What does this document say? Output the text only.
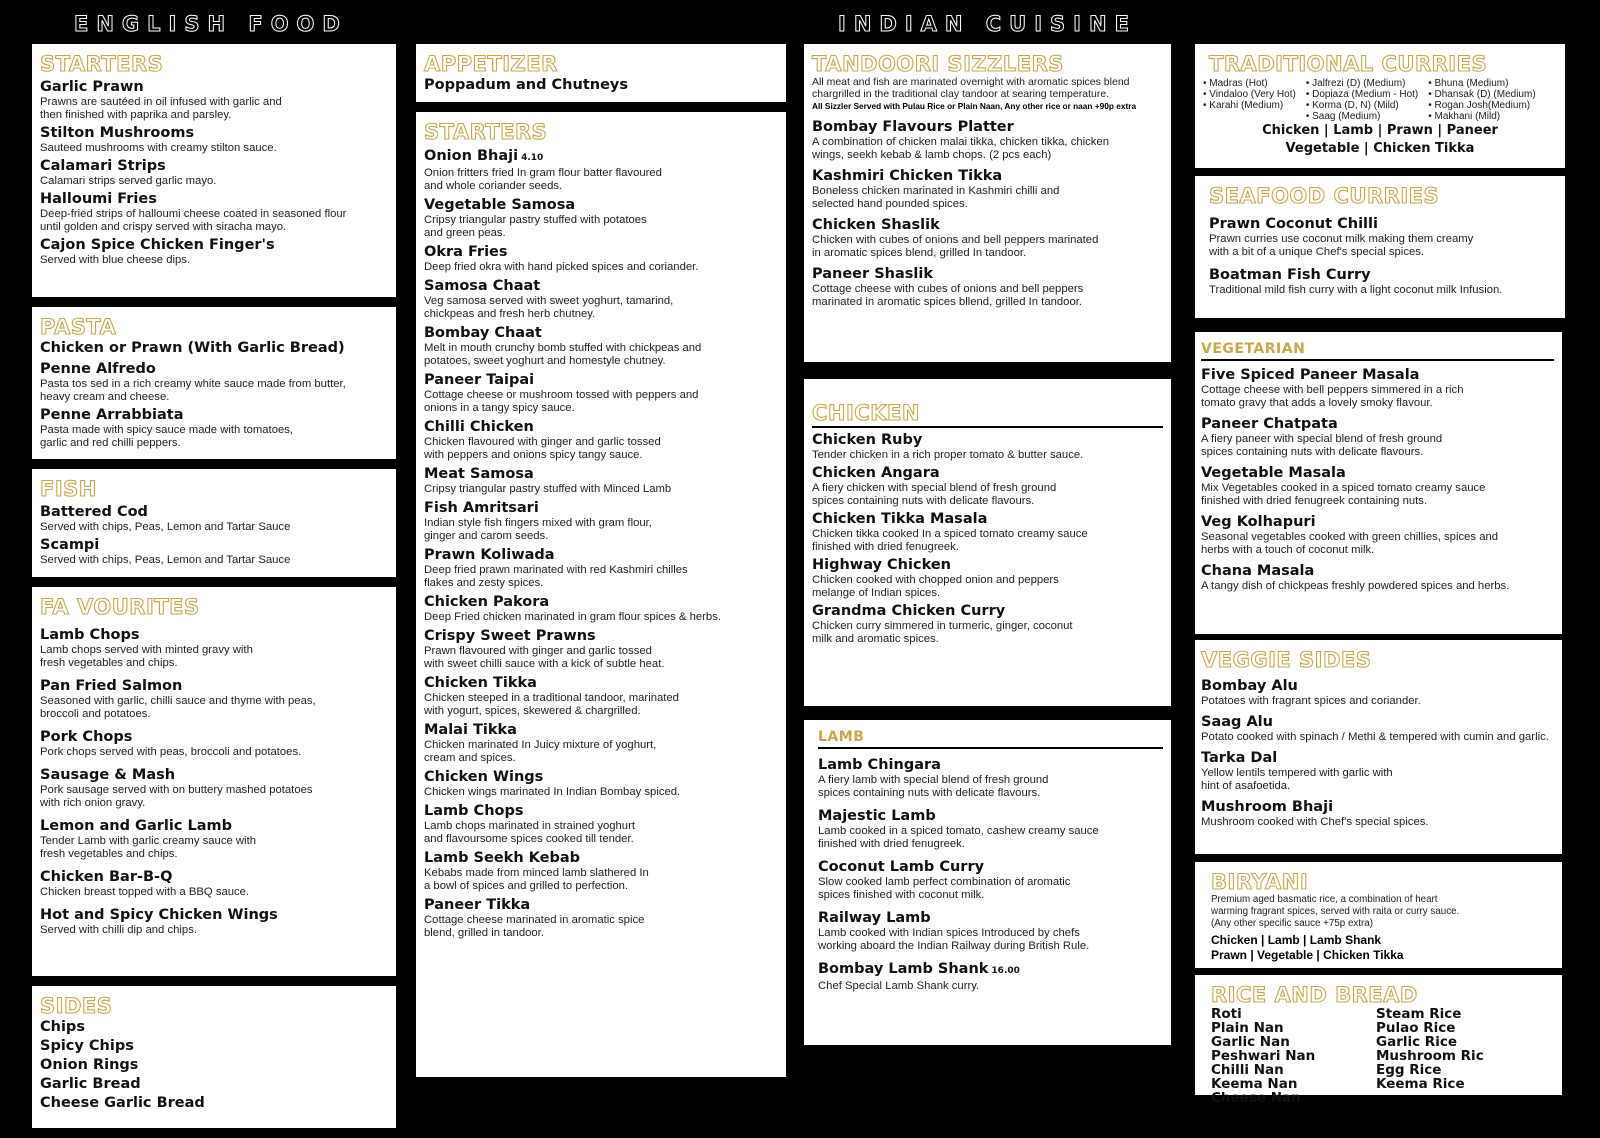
ENGLISH FOOD	INDIAN CUISINE
STARTERS
Garlic Prawn
Prawns are sautéed in oil infused with garlic and
then finished with paprika and parsley.
Stilton Mushrooms
Sauteed mushrooms with creamy stilton sauce.
Calamari Strips
Calamari strips served garlic mayo.
Halloumi Fries
Deep-fried strips of halloumi cheese coated in seasoned flour
until golden and crispy served with siracha mayo.
Cajon Spice Chicken Finger's
Served with blue cheese dips.
PASTA
Chicken or Prawn (With Garlic Bread)
Penne Alfredo
Pasta tos sed in a rich creamy white sauce made from butter,
heavy cream and cheese.
Penne Arrabbiata
Pasta made with spicy sauce made with tomatoes,
garlic and red chilli peppers.
FISH
Battered Cod
Served with chips, Peas, Lemon and Tartar Sauce
Scampi
Served with chips, Peas, Lemon and Tartar Sauce
FA VOURITES
Lamb Chops
Lamb chops served with minted gravy with
fresh vegetables and chips.
Pan Fried Salmon
Seasoned with garlic, chilli sauce and thyme with peas,
broccoli and potatoes.
Pork Chops
Pork chops served with peas, broccoli and potatoes.
Sausage & Mash
Pork sausage served with on buttery mashed potatoes
with rich onion gravy.
Lemon and Garlic Lamb
Tender Lamb with garlic creamy sauce with
fresh vegetables and chips.
Chicken Bar-B-Q
Chicken breast topped with a BBQ sauce.
Hot and Spicy Chicken Wings
Served with chilli dip and chips.
SIDES
Chips
Spicy Chips
Onion Rings
Garlic Bread
Cheese Garlic Bread
APPETIZER
Poppadum and Chutneys
STARTERS
Onion Bhaji 4.10
Onion fritters fried In gram flour batter flavoured
and whole coriander seeds.
Vegetable Samosa
Cripsy triangular pastry stuffed with potatoes
and green peas.
Okra Fries
Deep fried okra with hand picked spices and coriander.
Samosa Chaat
Veg samosa served with sweet yoghurt, tamarind,
chickpeas and fresh herb chutney.
Bombay Chaat
Melt in mouth crunchy bomb stuffed with chickpeas and
potatoes, sweet yoghurt and homestyle chutney.
Paneer Taipai
Cottage cheese or mushroom tossed with peppers and
onions in a tangy spicy sauce.
Chilli Chicken
Chicken flavoured with ginger and garlic tossed
with peppers and onions spicy tangy sauce.
Meat Samosa
Cripsy triangular pastry stuffed with Minced Lamb
Fish Amritsari
Indian style fish fingers mixed with gram flour,
ginger and carom seeds.
Prawn Koliwada
Deep fried prawn marinated with red Kashmiri chilles
flakes and zesty spices.
Chicken Pakora
Deep Fried chicken marinated in gram flour spices & herbs.
Crispy Sweet Prawns
Prawn flavoured with ginger and garlic tossed
with sweet chilli sauce with a kick of subtle heat.
Chicken Tikka
Chicken steeped in a traditional tandoor, marinated
with yogurt, spices, skewered & chargrilled.
Malai Tikka
Chicken marinated In Juicy mixture of yoghurt,
cream and spices.
Chicken Wings
Chicken wings marinated In Indian Bombay spiced.
Lamb Chops
Lamb chops marinated in strained yoghurt
and flavoursome spices cooked till tender.
Lamb Seekh Kebab
Kebabs made from minced lamb slathered In
a bowl of spices and grilled to perfection.
Paneer Tikka
Cottage cheese marinated in aromatic spice
blend, grilled in tandoor.
TANDOORI SIZZLERS
All meat and fish are marinated overnight with aromatic spices blend
chargrilled in the traditional clay tandoor at searing temperature.
All Sizzler Served with Pulau Rice or Plain Naan, Any other rice or naan +90p extra
Bombay Flavours Platter
A combination of chicken malai tikka, chicken tikka, chicken
wings, seekh kebab & lamb chops. (2 pcs each)
Kashmiri Chicken Tikka
Boneless chicken marinated in Kashmiri chilli and
selected hand pounded spices.
Chicken Shaslik
Chicken with cubes of onions and bell peppers marinated
in aromatic spices blend, grilled In tandoor.
Paneer Shaslik
Cottage cheese with cubes of onions and bell peppers
marinated in aromatic spices bllend, grilled In tandoor.
CHICKEN
Chicken Ruby
Tender chicken in a rich proper tomato & butter sauce.
Chicken Angara
A fiery chicken with special blend of fresh ground
spices containing nuts with delicate flavours.
Chicken Tikka Masala
Chicken tikka cooked In a spiced tomato creamy sauce
finished with dried fenugreek.
Highway Chicken
Chicken cooked with chopped onion and peppers
melange of Indian spices.
Grandma Chicken Curry
Chicken curry simmered in turmeric, ginger, coconut
milk and aromatic spices.
LAMB
Lamb Chingara
A fiery lamb with special blend of fresh ground
spices containing nuts with delicate flavours.
Majestic Lamb
Lamb cooked in a spiced tomato, cashew creamy sauce
finished with dried fenugreek.
Coconut Lamb Curry
Slow cooked lamb perfect combination of aromatic
spices finished with coconut milk.
Railway Lamb
Lamb cooked with Indian spices Introduced by chefs
working aboard the Indian Railway during British Rule.
Bombay Lamb Shank 16.00
Chef Special Lamb Shank curry.
TRADITIONAL CURRIES
• Madras (Hot)
• Vindaloo (Very Hot)
• Karahi (Medium)
• Jalfrezi (D) (Medium)
• Dopiaza (Medium - Hot)
• Korma (D, N) (Mild)
• Saag (Medium)
• Bhuna (Medium)
• Dhansak (D) (Medium)
• Rogan Josh(Medium)
• Makhani (Mild)
Chicken | Lamb | Prawn | Paneer
Vegetable | Chicken Tikka
SEAFOOD CURRIES
Prawn Coconut Chilli
Prawn curries use coconut milk making them creamy
with a bit of a unique Chef's special spices.
Boatman Fish Curry
Traditional mild fish curry with a light coconut milk Infusion.
VEGETARIAN
Five Spiced Paneer Masala
Cottage cheese with bell peppers simmered in a rich
tomato gravy that adds a lovely smoky flavour.
Paneer Chatpata
A fiery paneer with special blend of fresh ground
spices containing nuts with delicate flavours.
Vegetable Masala
Mix Vegetables cooked in a spiced tomato creamy sauce
finished with dried fenugreek containing nuts.
Veg Kolhapuri
Seasonal vegetables cooked with green chillies, spices and
herbs with a touch of coconut milk.
Chana Masala
A tangy dish of chickpeas freshly powdered spices and herbs.
VEGGIE SIDES
Bombay Alu
Potatoes with fragrant spices and coriander.
Saag Alu
Potato cooked with spinach / Methi & tempered with cumin and garlic.
Tarka Dal
Yellow lentils tempered with garlic with
hint of asafoetida.
Mushroom Bhaji
Mushroom cooked with Chef's special spices.
BIRYANI
Premium aged basmatic rice, a combination of heart
warming fragrant spices, served with raita or curry sauce.
(Any other specific sauce +75p extra)
Chicken | Lamb | Lamb Shank
Prawn | Vegetable | Chicken Tikka
RICE AND BREAD
Roti
Plain Nan
Garlic Nan
Peshwari Nan
Chilli Nan
Keema Nan
Cheese Nan
Steam Rice
Pulao Rice
Garlic Rice
Mushroom Ric
Egg Rice
Keema Rice
